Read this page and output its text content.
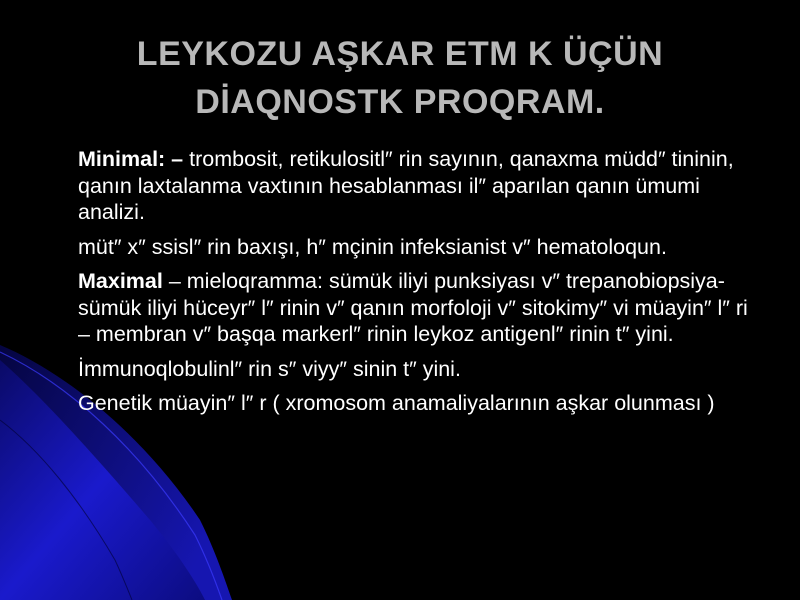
LEYKOZU AŞKAR ETM K ÜÇÜN
DİAQNOSTK PROQRAM.

Minimal: – trombosit, retikulositl″ rin sayının, qanaxma müdd″ tininin, qanın laxtalanma vaxtının hesablanması il″ aparılan qanın ümumi analizi.

müt″ x″ ssisl″ rin baxışı, h″ mçinin infeksianist v″ hematoloqun.

Maximal – mieloqramma: sümük iliyi punksiyası v″ trepanobiopsiya- sümük iliyi hüceyr″ l″ rinin v″ qanın morfoloji v″ sitokimy″ vi müayin″ l″ ri – membran v″ başqa markerl″ rinin leykoz antigenl″ rinin t″ yini.

İmmunoqlobulinl″ rin s″ viyy″ sinin t″ yini.

Genetik müayin″ l″ r ( xromosom anamaliyalarının aşkar olunması )
